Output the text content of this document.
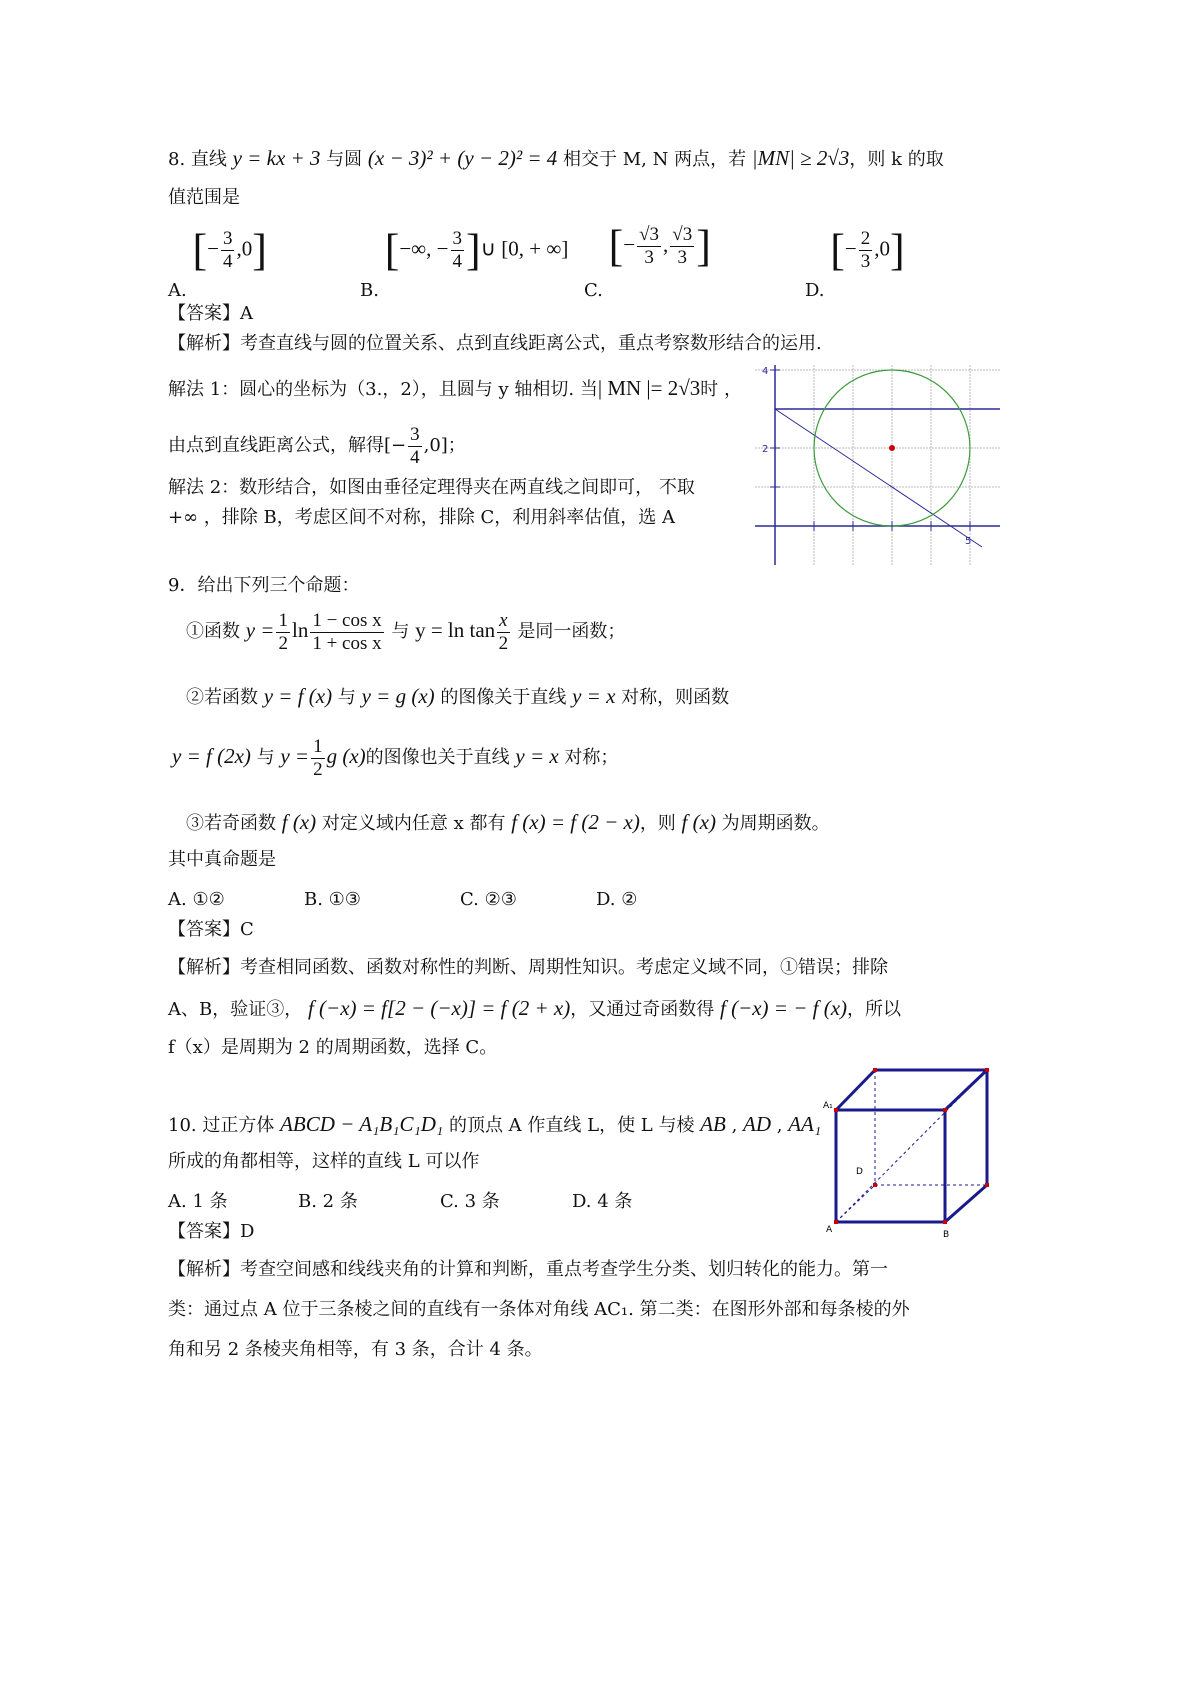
8. 直线 y = kx + 3 与圆 (x − 3)² + (y − 2)² = 4 相交于 M, N 两点，若 |MN| ≥ 2√3，则 k 的取
值范围是
A. [− $\frac{3}{4} ,0$]
B. [−∞, − $\frac{3}{4}$ ]∪ [0, + ∞]
C. [− $\frac{√3}{3}$ , $\frac{√3}{3}$ ]
D. [− $\frac{2}{3} ,0$]
【答案】A
【解析】考查直线与圆的位置关系、点到直线距离公式，重点考察数形结合的运用.
解法 1：圆心的坐标为（3.，2），且圆与 y 轴相切. 当| MN |= 2√3时 ，
由点到直线距离公式，解得[− $\frac{3}{4} ,0$]；
解法 2：数形结合，如图由垂径定理得夹在两直线之间即可， 不取
+∞ ，排除 B，考虑区间不对称，排除 C，利用斜率估值，选 A
4
2
5
9．给出下列三个命题：
①函数 $y = \frac{1}{2}$ $\ln \frac{\text{1 − cos x}}{\text{1 + cos x}}$ 与 $y = \ln \tan \frac{x}{2}$ 是同一函数；
②若函数 y = f (x) 与 y = g (x) 的图像关于直线 y = x 对称，则函数
y = f (2x) 与 $y = \frac{1}{2}$ g (x)的图像也关于直线 y = x 对称；
③若奇函数 f (x) 对定义域内任意 x 都有 f (x) = f (2 − x)，则 f (x) 为周期函数。
其中真命题是
A. ①②	B. ①③	C. ②③	D. ②
【答案】C
【解析】考查相同函数、函数对称性的判断、周期性知识。考虑定义域不同，①错误；排除
A、B，验证③， f (−x) = f[2 − (−x)] = f (2 + x)，又通过奇函数得 f (−x) = − f (x)，所以
f（x）是周期为 2 的周期函数，选择 C。
10. 过正方体 ABCD − A₁B₁C₁D₁ 的顶点 A 作直线 L，使 L 与棱 AB , AD , AA₁
所成的角都相等，这样的直线 L 可以作
A. 1 条	B. 2 条	C. 3 条	D. 4 条
【答案】D
【解析】考查空间感和线线夹角的计算和判断，重点考查学生分类、划归转化的能力。第一
类：通过点 A 位于三条棱之间的直线有一条体对角线 AC₁. 第二类：在图形外部和每条棱的外
角和另 2 条棱夹角相等，有 3 条，合计 4 条。
A₁
D
A	B
